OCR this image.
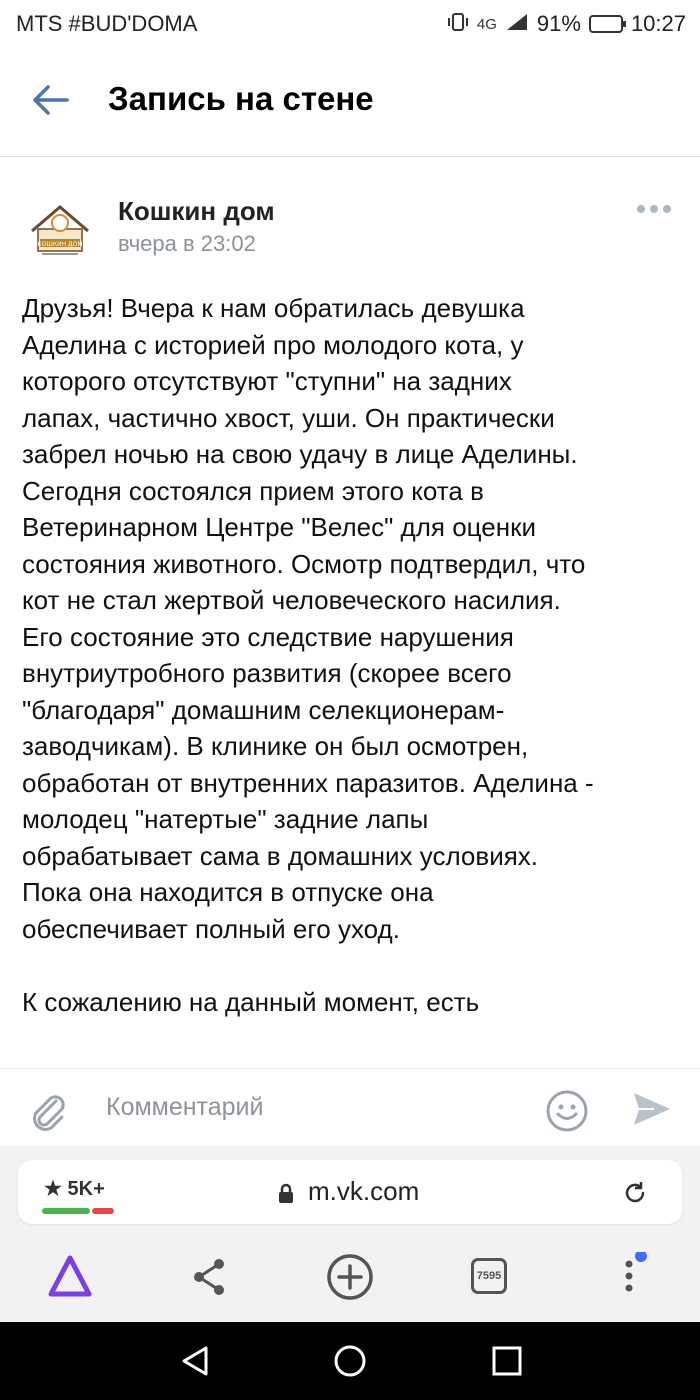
MTS #BUD'DOMA	4G 91% 10:27
Запись на стене
КОШКИН ДОМ
Кошкин дом
вчера в 23:02
Друзья! Вчера к нам обратилась девушка
Аделина с историей про молодого кота, у
которого отсутствуют "ступни" на задних
лапах, частично хвост, уши. Он практически
забрел ночью на свою удачу в лице Аделины.
Сегодня состоялся прием этого кота в
Ветеринарном Центре "Велес" для оценки
состояния животного. Осмотр подтвердил, что
кот не стал жертвой человеческого насилия.
Его состояние это следствие нарушения
внутриутробного развития (скорее всего
"благодаря" домашним селекционерам-
заводчикам). В клинике он был осмотрен,
обработан от внутренних паразитов. Аделина -
молодец "натертые" задние лапы
обрабатывает сама в домашних условиях.
Пока она находится в отпуске она
обеспечивает полный его уход.

К сожалению на данный момент, есть
Комментарий
★ 5K+	m.vk.com
7595
